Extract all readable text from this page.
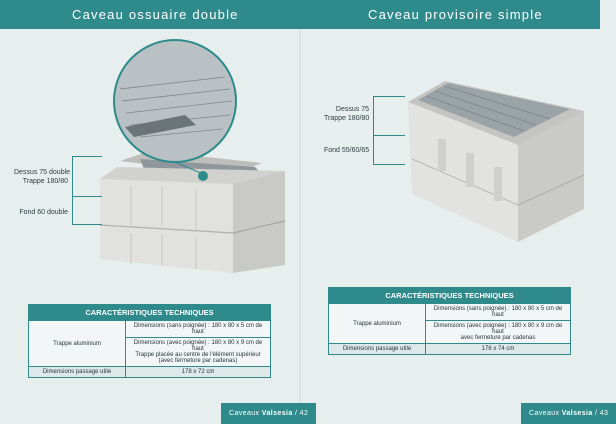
Caveau ossuaire double	Caveau provisoire simple
Dessus 75 double
Trappe 180/80
Fond 60 double
CARACTÉRISTIQUES TECHNIQUES	
Trappe aluminium	Dimensions (sans poignée) : 180 x 80 x 5 cm de haut

	Dimensions (avec poignée) : 180 x 80 x 9 cm de haut
Trappe placée au centre de l'élément supérieur
(avec fermeture par cadenas)

Dimensions passage utile	178 x 72 cm
Caveaux Valsesia / 42
Dessus 75
Trappe 180/80
Fond 55/60/65
CARACTÉRISTIQUES TECHNIQUES	
Trappe aluminium	Dimensions (sans poignée) : 180 x 80 x 5 cm de haut

	Dimensions (avec poignée) : 180 x 80 x 9 cm de haut
avec fermeture par cadenas

Dimensions passage utile	176 x 74 cm
Caveaux Valsesia / 43
